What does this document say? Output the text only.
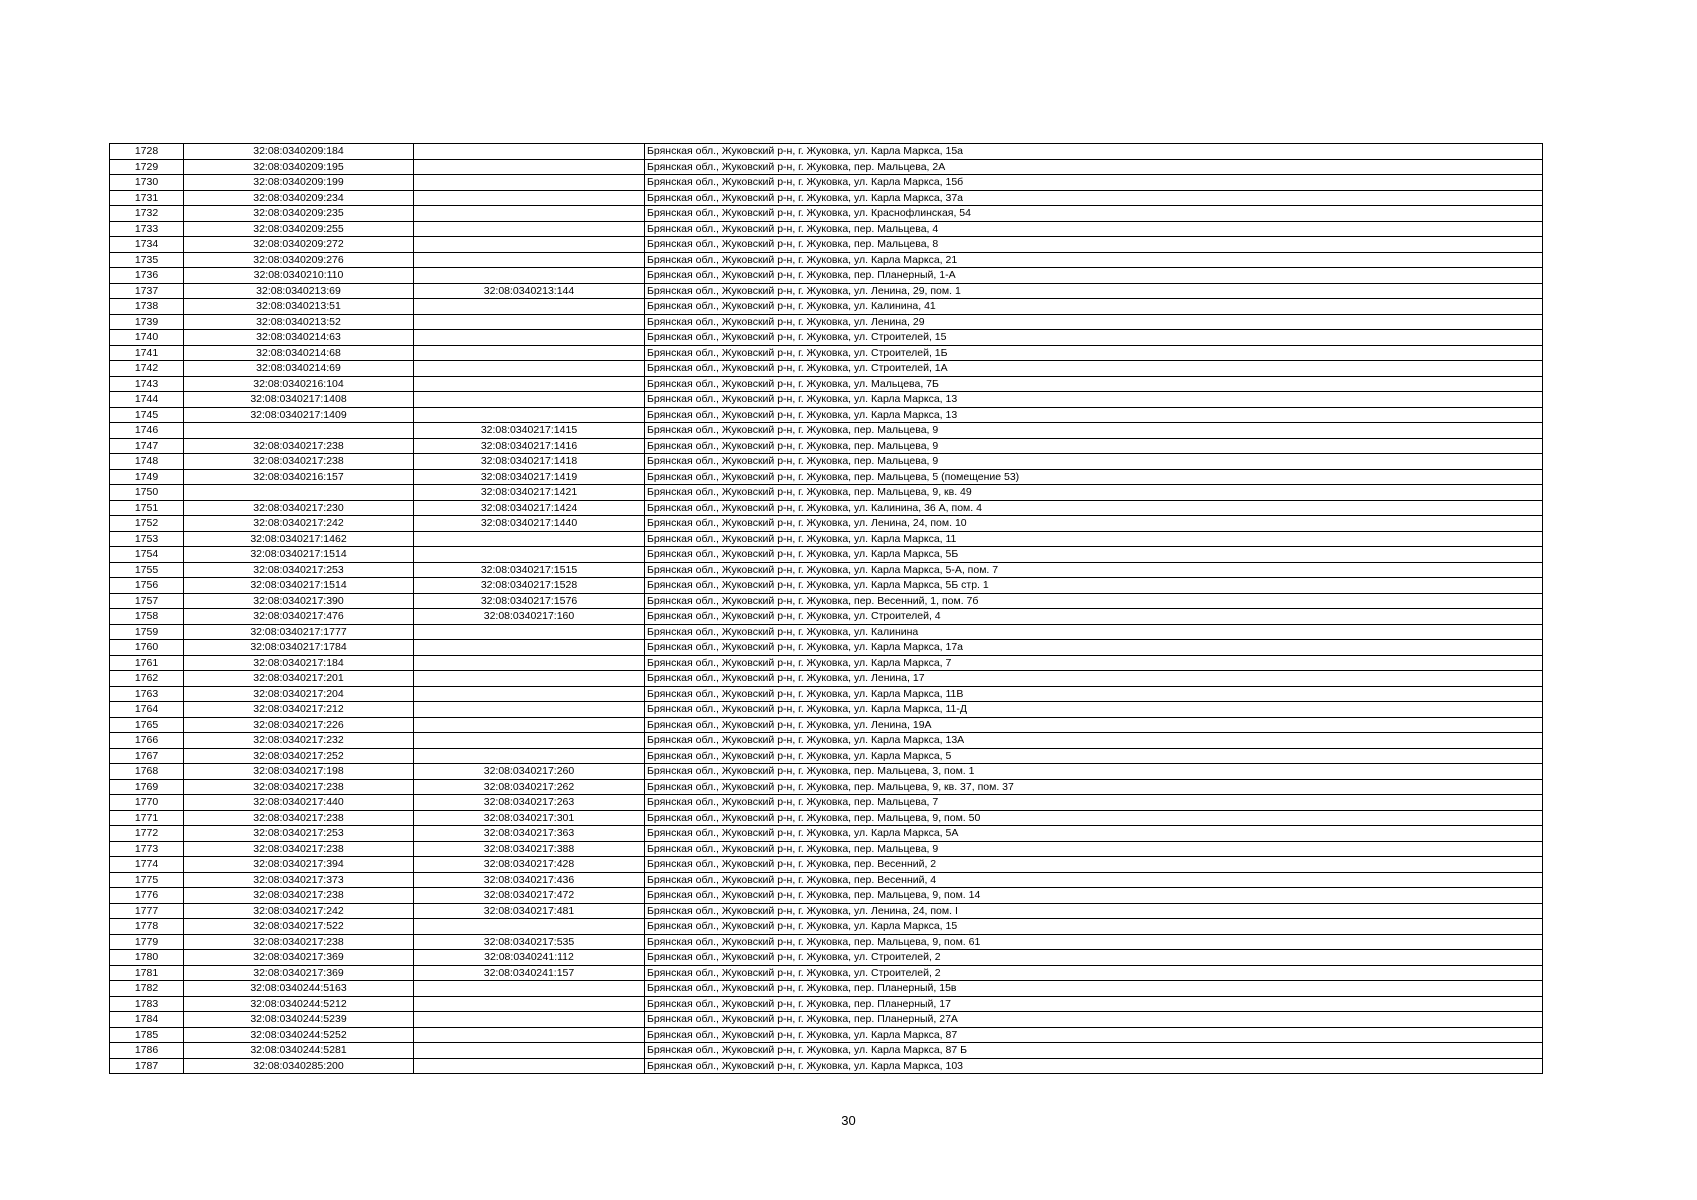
1728	32:08:0340209:184		Брянская обл., Жуковский р-н, г. Жуковка, ул. Карла Маркса, 15а
1729	32:08:0340209:195		Брянская обл., Жуковский р-н, г. Жуковка, пер. Мальцева, 2А
1730	32:08:0340209:199		Брянская обл., Жуковский р-н, г. Жуковка, ул. Карла Маркса, 15б
1731	32:08:0340209:234		Брянская обл., Жуковский р-н, г. Жуковка, ул. Карла Маркса, 37а
1732	32:08:0340209:235		Брянская обл., Жуковский р-н, г. Жуковка, ул. Краснофлинская, 54
1733	32:08:0340209:255		Брянская обл., Жуковский р-н, г. Жуковка, пер. Мальцева, 4
1734	32:08:0340209:272		Брянская обл., Жуковский р-н, г. Жуковка, пер. Мальцева, 8
1735	32:08:0340209:276		Брянская обл., Жуковский р-н, г. Жуковка, ул. Карла Маркса, 21
1736	32:08:0340210:110		Брянская обл., Жуковский р-н, г. Жуковка, пер. Планерный, 1-А
1737	32:08:0340213:69	32:08:0340213:144	Брянская обл., Жуковский р-н, г. Жуковка, ул. Ленина, 29, пом. 1
1738	32:08:0340213:51		Брянская обл., Жуковский р-н, г. Жуковка, ул. Калинина, 41
1739	32:08:0340213:52		Брянская обл., Жуковский р-н, г. Жуковка, ул. Ленина, 29
1740	32:08:0340214:63		Брянская обл., Жуковский р-н, г. Жуковка, ул. Строителей, 15
1741	32:08:0340214:68		Брянская обл., Жуковский р-н, г. Жуковка, ул. Строителей, 1Б
1742	32:08:0340214:69		Брянская обл., Жуковский р-н, г. Жуковка, ул. Строителей, 1А
1743	32:08:0340216:104		Брянская обл., Жуковский р-н, г. Жуковка, ул. Мальцева, 7Б
1744	32:08:0340217:1408		Брянская обл., Жуковский р-н, г. Жуковка, ул. Карла Маркса, 13
1745	32:08:0340217:1409		Брянская обл., Жуковский р-н, г. Жуковка, ул. Карла Маркса, 13
1746		32:08:0340217:1415	Брянская обл., Жуковский р-н, г. Жуковка, пер. Мальцева, 9
1747	32:08:0340217:238	32:08:0340217:1416	Брянская обл., Жуковский р-н, г. Жуковка, пер. Мальцева, 9
1748	32:08:0340217:238	32:08:0340217:1418	Брянская обл., Жуковский р-н, г. Жуковка, пер. Мальцева, 9
1749	32:08:0340216:157	32:08:0340217:1419	Брянская обл., Жуковский р-н, г. Жуковка, пер. Мальцева, 5 (помещение 53)
1750		32:08:0340217:1421	Брянская обл., Жуковский р-н, г. Жуковка, пер. Мальцева, 9, кв. 49
1751	32:08:0340217:230	32:08:0340217:1424	Брянская обл., Жуковский р-н, г. Жуковка, ул. Калинина, 36 А, пом. 4
1752	32:08:0340217:242	32:08:0340217:1440	Брянская обл., Жуковский р-н, г. Жуковка, ул. Ленина, 24, пом. 10
1753	32:08:0340217:1462		Брянская обл., Жуковский р-н, г. Жуковка, ул. Карла Маркса, 11
1754	32:08:0340217:1514		Брянская обл., Жуковский р-н, г. Жуковка, ул. Карла Маркса, 5Б
1755	32:08:0340217:253	32:08:0340217:1515	Брянская обл., Жуковский р-н, г. Жуковка, ул. Карла Маркса, 5-А, пом. 7
1756	32:08:0340217:1514	32:08:0340217:1528	Брянская обл., Жуковский р-н, г. Жуковка, ул. Карла Маркса, 5Б стр. 1
1757	32:08:0340217:390	32:08:0340217:1576	Брянская обл., Жуковский р-н, г. Жуковка, пер. Весенний, 1, пом. 7б
1758	32:08:0340217:476	32:08:0340217:160	Брянская обл., Жуковский р-н, г. Жуковка, ул. Строителей, 4
1759	32:08:0340217:1777		Брянская обл., Жуковский р-н, г. Жуковка, ул. Калинина
1760	32:08:0340217:1784		Брянская обл., Жуковский р-н, г. Жуковка, ул. Карла Маркса, 17а
1761	32:08:0340217:184		Брянская обл., Жуковский р-н, г. Жуковка, ул. Карла Маркса, 7
1762	32:08:0340217:201		Брянская обл., Жуковский р-н, г. Жуковка, ул. Ленина, 17
1763	32:08:0340217:204		Брянская обл., Жуковский р-н, г. Жуковка, ул. Карла Маркса, 11В
1764	32:08:0340217:212		Брянская обл., Жуковский р-н, г. Жуковка, ул. Карла Маркса, 11-Д
1765	32:08:0340217:226		Брянская обл., Жуковский р-н, г. Жуковка, ул. Ленина, 19А
1766	32:08:0340217:232		Брянская обл., Жуковский р-н, г. Жуковка, ул. Карла Маркса, 13А
1767	32:08:0340217:252		Брянская обл., Жуковский р-н, г. Жуковка, ул. Карла Маркса, 5
1768	32:08:0340217:198	32:08:0340217:260	Брянская обл., Жуковский р-н, г. Жуковка, пер. Мальцева, 3, пом. 1
1769	32:08:0340217:238	32:08:0340217:262	Брянская обл., Жуковский р-н, г. Жуковка, пер. Мальцева, 9, кв. 37, пом. 37
1770	32:08:0340217:440	32:08:0340217:263	Брянская обл., Жуковский р-н, г. Жуковка, пер. Мальцева, 7
1771	32:08:0340217:238	32:08:0340217:301	Брянская обл., Жуковский р-н, г. Жуковка, пер. Мальцева, 9, пом. 50
1772	32:08:0340217:253	32:08:0340217:363	Брянская обл., Жуковский р-н, г. Жуковка, ул. Карла Маркса, 5А
1773	32:08:0340217:238	32:08:0340217:388	Брянская обл., Жуковский р-н, г. Жуковка, пер. Мальцева, 9
1774	32:08:0340217:394	32:08:0340217:428	Брянская обл., Жуковский р-н, г. Жуковка, пер. Весенний, 2
1775	32:08:0340217:373	32:08:0340217:436	Брянская обл., Жуковский р-н, г. Жуковка, пер. Весенний, 4
1776	32:08:0340217:238	32:08:0340217:472	Брянская обл., Жуковский р-н, г. Жуковка, пер. Мальцева, 9, пом. 14
1777	32:08:0340217:242	32:08:0340217:481	Брянская обл., Жуковский р-н, г. Жуковка, ул. Ленина, 24, пом. I
1778	32:08:0340217:522		Брянская обл., Жуковский р-н, г. Жуковка, ул. Карла Маркса, 15
1779	32:08:0340217:238	32:08:0340217:535	Брянская обл., Жуковский р-н, г. Жуковка, пер. Мальцева, 9, пом. 61
1780	32:08:0340217:369	32:08:0340241:112	Брянская обл., Жуковский р-н, г. Жуковка, ул. Строителей, 2
1781	32:08:0340217:369	32:08:0340241:157	Брянская обл., Жуковский р-н, г. Жуковка, ул. Строителей, 2
1782	32:08:0340244:5163		Брянская обл., Жуковский р-н, г. Жуковка, пер. Планерный, 15в
1783	32:08:0340244:5212		Брянская обл., Жуковский р-н, г. Жуковка, пер. Планерный, 17
1784	32:08:0340244:5239		Брянская обл., Жуковский р-н, г. Жуковка, пер. Планерный, 27А
1785	32:08:0340244:5252		Брянская обл., Жуковский р-н, г. Жуковка, ул. Карла Маркса, 87
1786	32:08:0340244:5281		Брянская обл., Жуковский р-н, г. Жуковка, ул. Карла Маркса, 87 Б
1787	32:08:0340285:200		Брянская обл., Жуковский р-н, г. Жуковка, ул. Карла Маркса, 103
30
